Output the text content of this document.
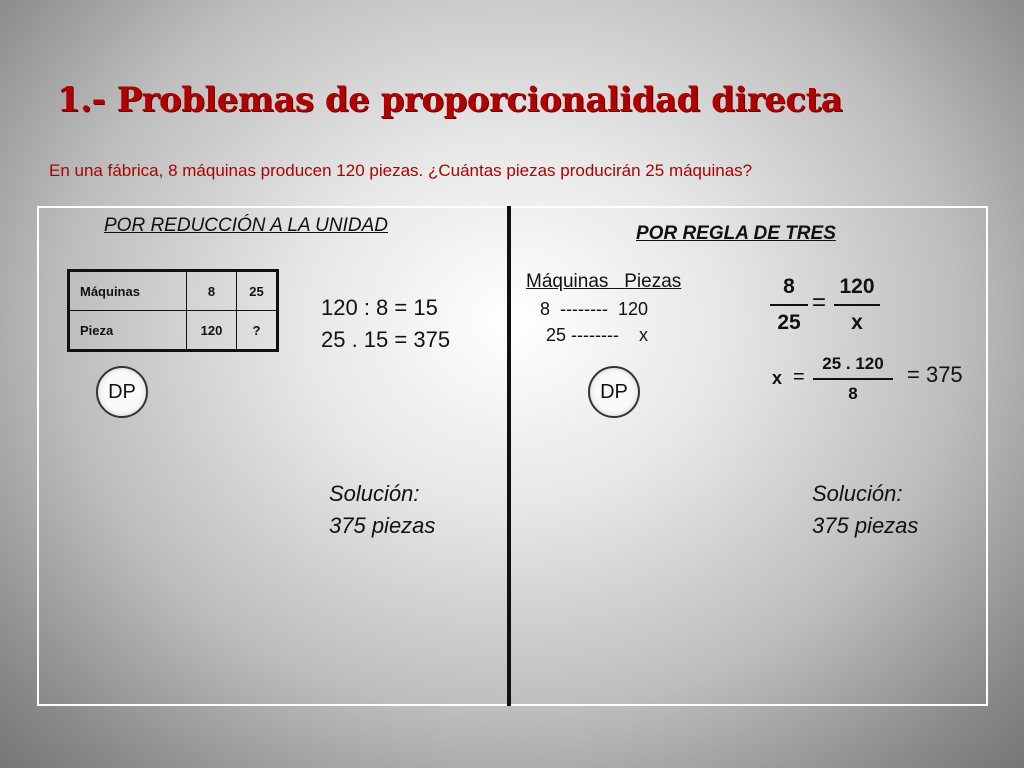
1.- Problemas de proporcionalidad directa
En una fábrica, 8 máquinas producen 120 piezas. ¿Cuántas piezas producirán 25 máquinas?
POR REDUCCIÓN A LA UNIDAD
Máquinas	8	25
Pieza	120	?
120 : 8 = 15
25 . 15 = 375
DP
Solución:
375 piezas
POR REGLA DE TRES
Máquinas Piezas
8  --------  120
25 --------    x
DP
8
25
=
120
x
x =
25 . 120
8
= 375
Solución:
375 piezas
